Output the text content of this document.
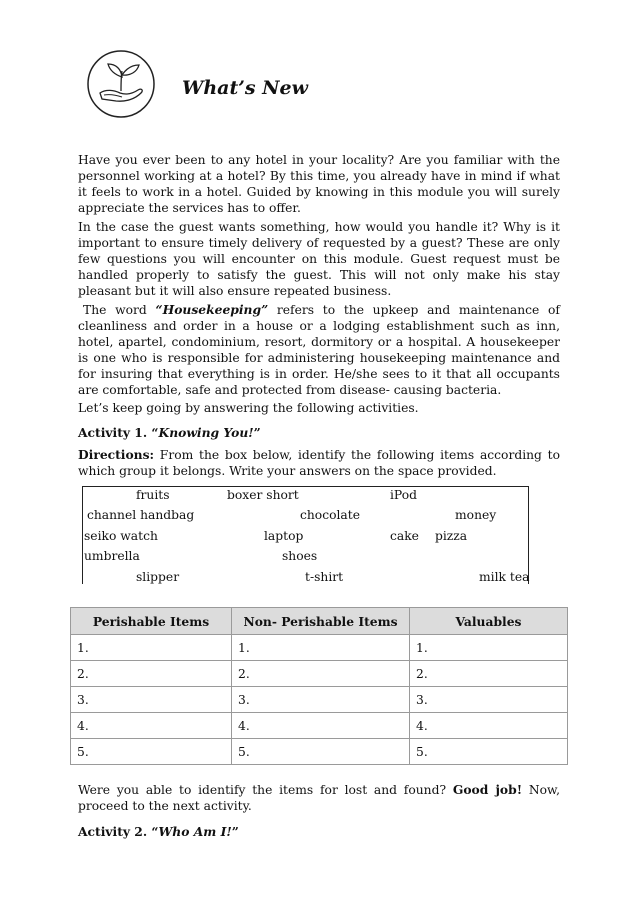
What’s New

Have you ever been to any hotel in your locality? Are you familiar with the personnel working at a hotel? By this time, you already have in mind if what it feels to work in a hotel. Guided by knowing in this module you will surely appreciate the services has to offer.

In the case the guest wants something, how would you handle it? Why is it important to ensure timely delivery of requested by a guest? These are only few questions you will encounter on this module. Guest request must be handled properly to satisfy the guest. This will not only make his stay pleasant but it will also ensure repeated business.

The word “Housekeeping” refers to the upkeep and maintenance of cleanliness and order in a house or a lodging establishment such as inn, hotel, apartel, condominium, resort, dormitory or a hospital. A housekeeper is one who is responsible for administering housekeeping maintenance and for insuring that everything is in order. He/she sees to it that all occupants are comfortable, safe and protected from disease- causing bacteria.

Let’s keep going by answering the following activities.

Activity 1. “Knowing You!”

Directions: From the box below, identify the following items according to which group it belongs. Write your answers on the space provided.

fruits	boxer short	iPod
channel handbag	chocolate	money
seiko watch	laptop	cake pizza
umbrella	shoes
slipper	t-shirt	milk tea
Perishable Items	Non- Perishable Items	Valuables
1.	1.	1.
2.	2.	2.
3.	3.	3.
4.	4.	4.
5.	5.	5.

Were you able to identify the items for lost and found? Good job! Now, proceed to the next activity.

Activity 2. “Who Am I!”
